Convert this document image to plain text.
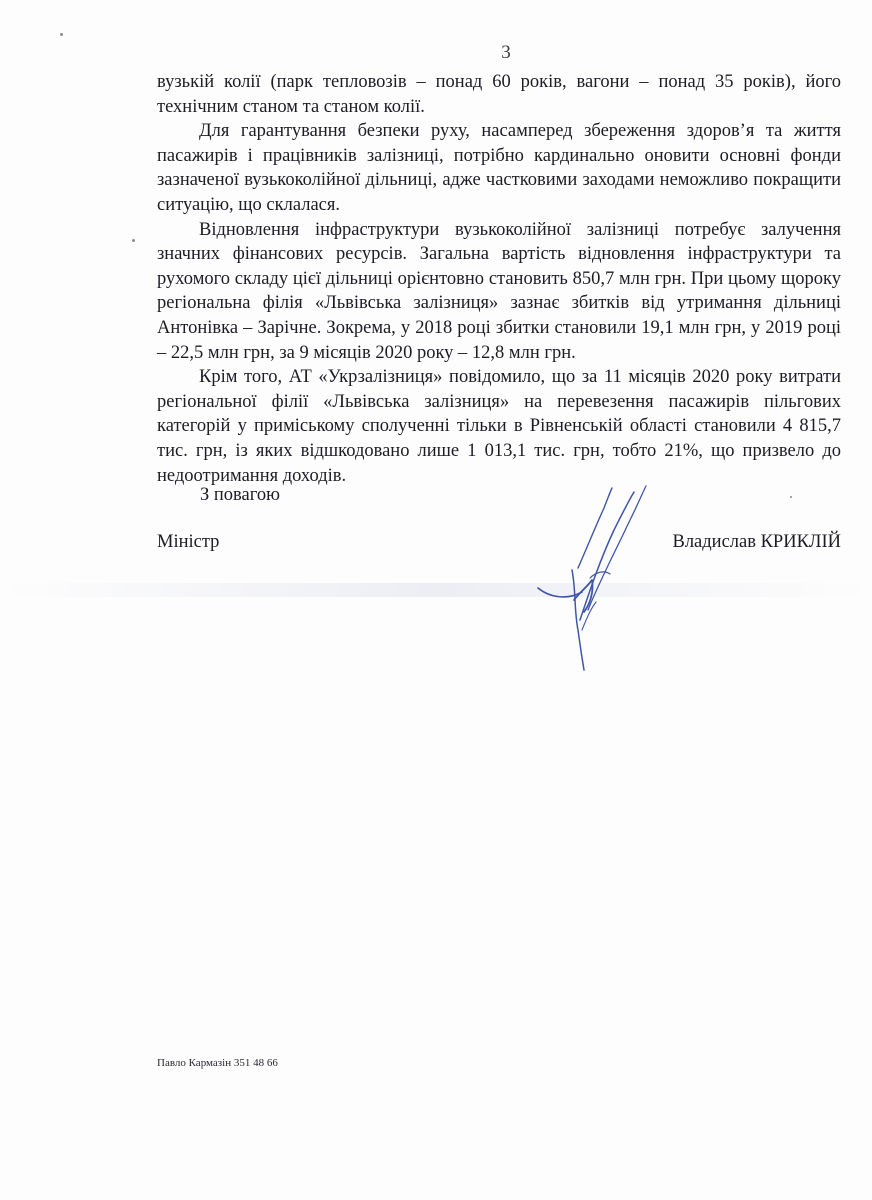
3

вузькій колії (парк тепловозів – понад 60 років, вагони – понад 35 років), його технічним станом та станом колії.

Для гарантування безпеки руху, насамперед збереження здоров’я та життя пасажирів і працівників залізниці, потрібно кардинально оновити основні фонди зазначеної вузькоколійної дільниці, адже частковими заходами неможливо покращити ситуацію, що склалася.

Відновлення інфраструктури вузькоколійної залізниці потребує залучення значних фінансових ресурсів. Загальна вартість відновлення інфраструктури та рухомого складу цієї дільниці орієнтовно становить 850,7 млн грн. При цьому щороку регіональна філія «Львівська залізниця» зазнає збитків від утримання дільниці Антонівка – Зарічне. Зокрема, у 2018 році збитки становили 19,1 млн грн, у 2019 році – 22,5 млн грн, за 9 місяців 2020 року – 12,8 млн грн.

Крім того, АТ «Укрзалізниця» повідомило, що за 11 місяців 2020 року витрати регіональної філії «Львівська залізниця» на перевезення пасажирів пільгових категорій у приміському сполученні тільки в Рівненській області становили 4 815,7 тис. грн, із яких відшкодовано лише 1 013,1 тис. грн, тобто 21%, що призвело до недоотримання доходів.

З повагою
Міністр	Владислав КРИКЛІЙ
Павло Кармазін 351 48 66
